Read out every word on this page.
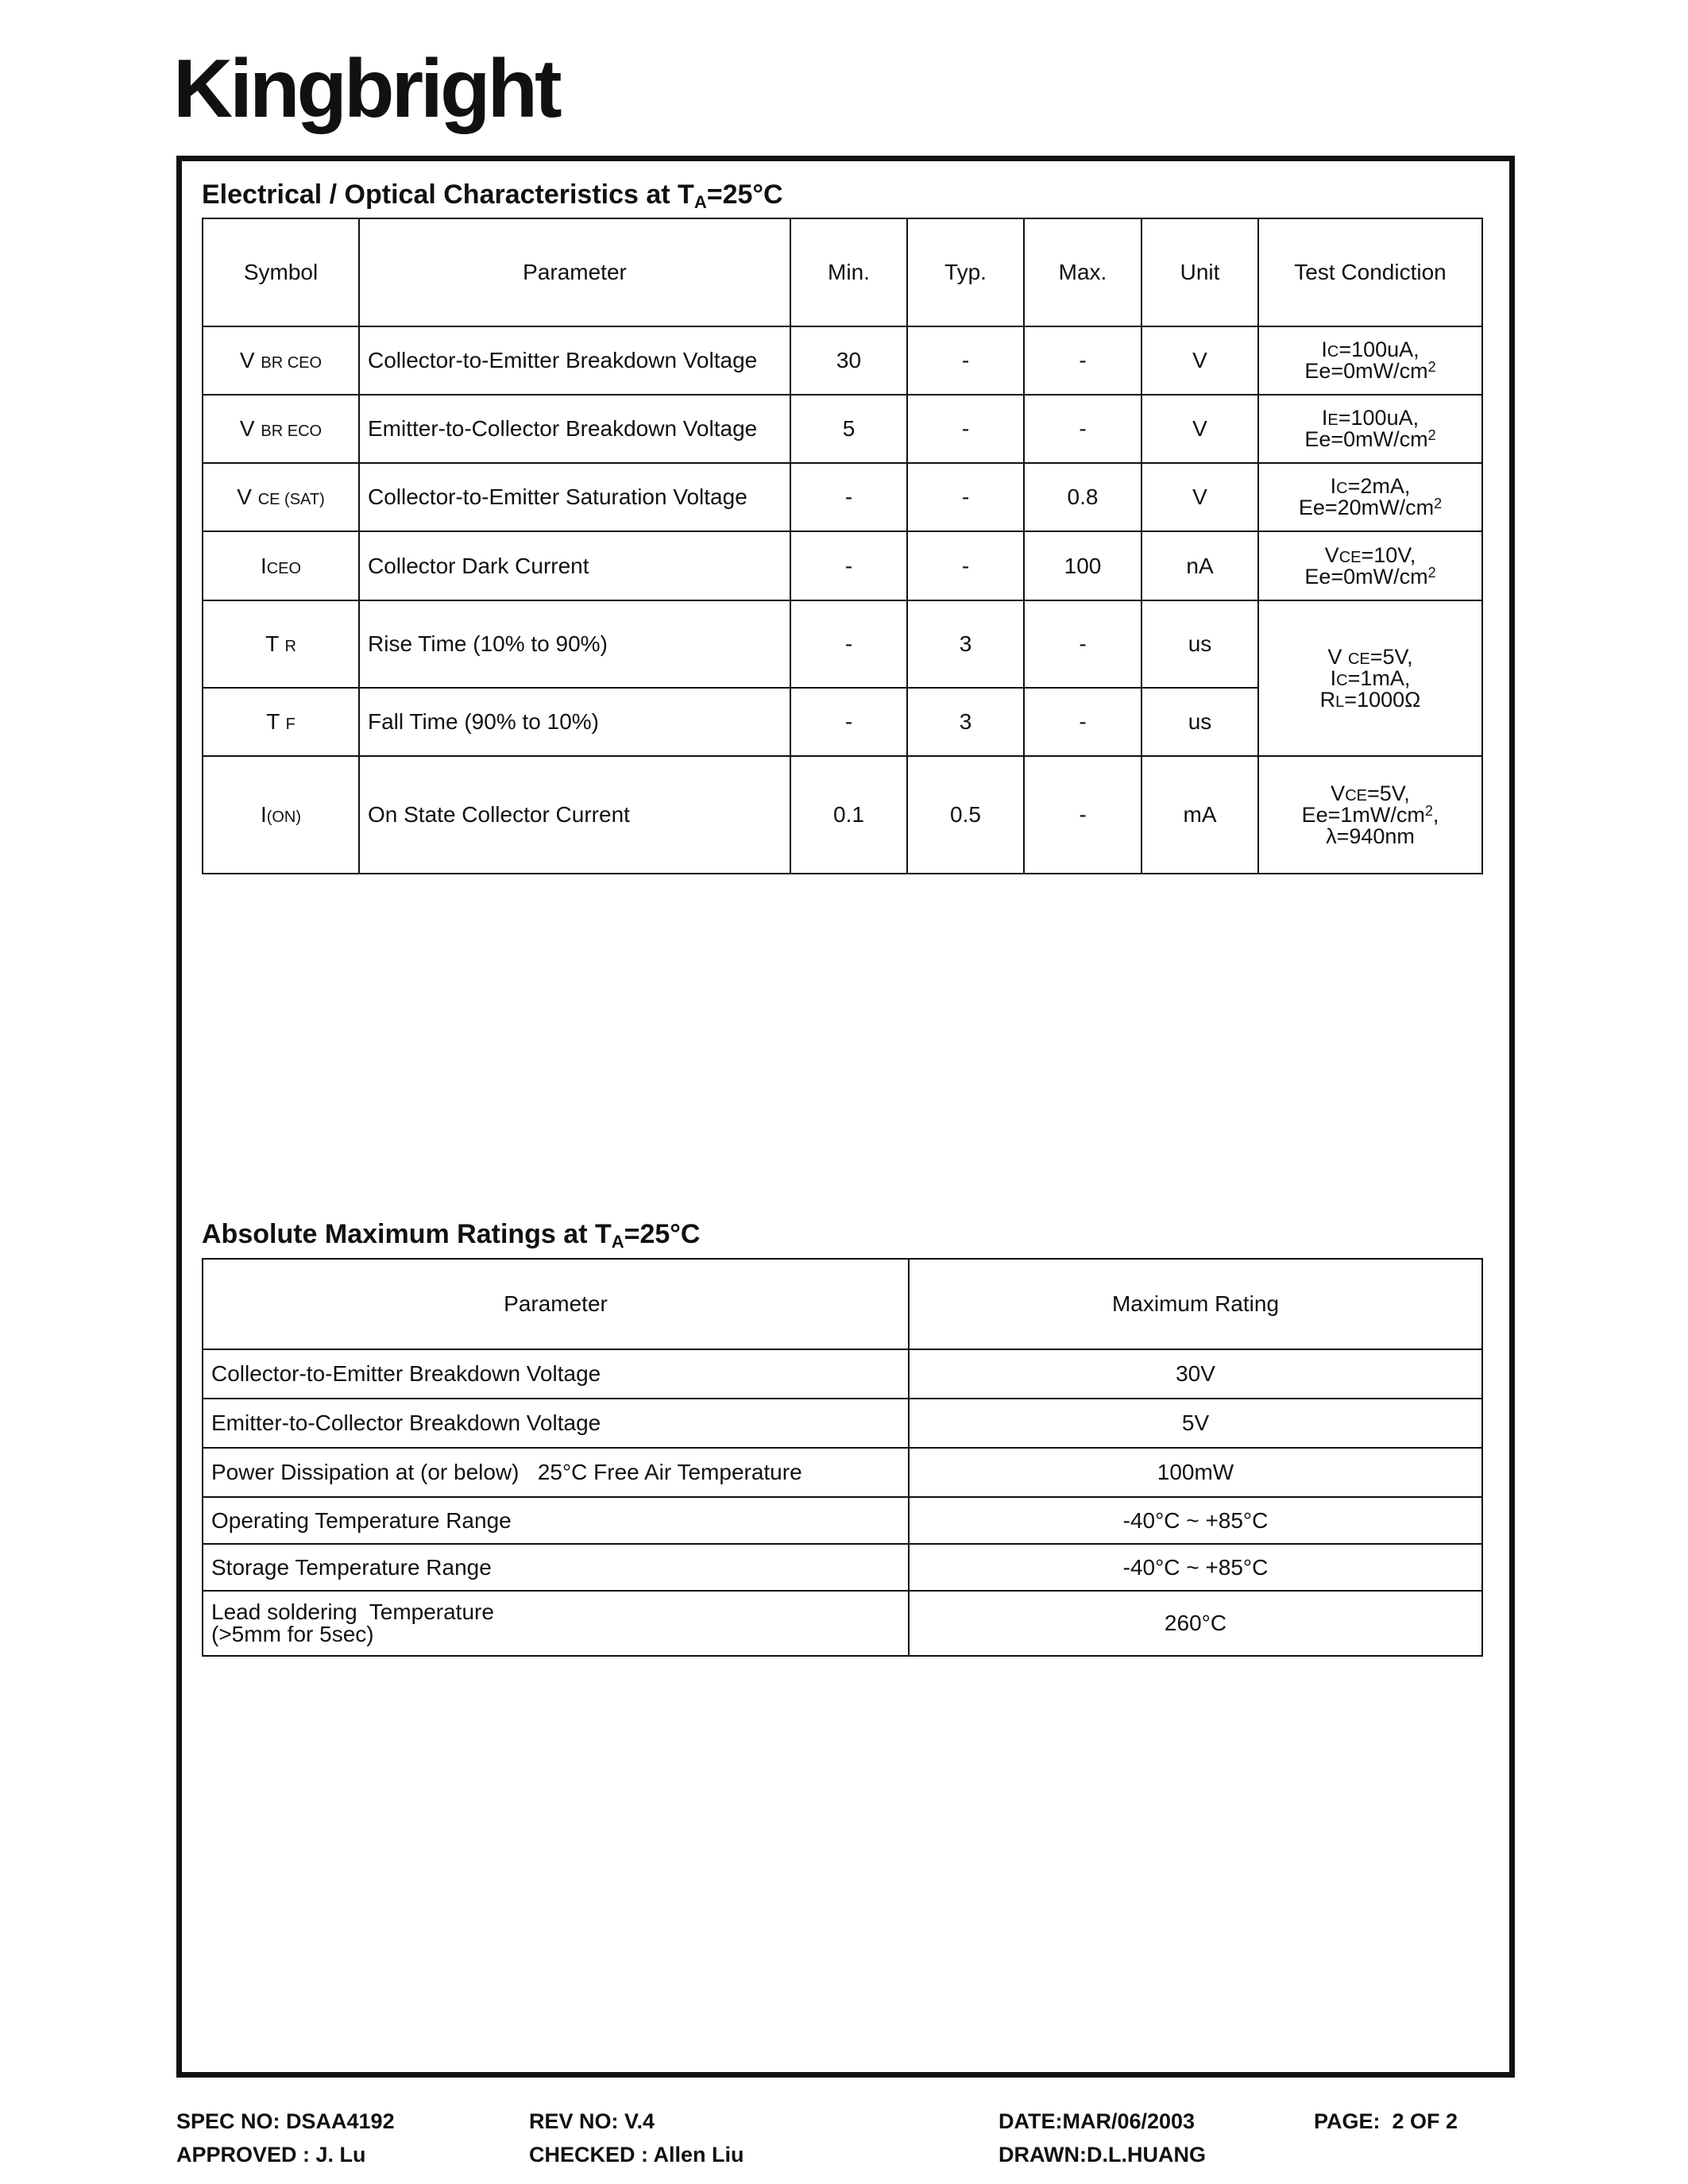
Kingbright
Electrical / Optical Characteristics at $T_A=25^\circ C$
Symbol	Parameter	Min.	Typ.	Max.	Unit	Test Condiction
V BR CEO	Collector-to-Emitter Breakdown Voltage	30	-	-	V	IC=100uA,
$Ee=0mW/cm^2$
V BR ECO	Emitter-to-Collector Breakdown Voltage	5	-	-	V	IE=100uA,
$Ee=0mW/cm^2$
V CE (SAT)	Collector-to-Emitter Saturation Voltage	-	-	0.8	V	IC=2mA,
$Ee=20mW/cm^2$
ICEO	Collector Dark Current	-	-	100	nA	VCE=10V,
$Ee=0mW/cm^2$
T R	Rise Time (10% to 90%)	-	3	-	us	V CE=5V,
IC=1mA,
RL=1000Ω
T F	Fall Time (90% to 10%)	-	3	-	us	
I(ON)	On State Collector Current	0.1	0.5	-	mA	VCE=5V,
$Ee=1mW/cm^2$,
λ=940nm
Absolute Maximum Ratings at $T_A=25^\circ C$
Parameter	Maximum Rating
Collector-to-Emitter Breakdown Voltage	30V
Emitter-to-Collector Breakdown Voltage	5V
Power Dissipation at (or below)   25°C Free Air Temperature	100mW
Operating Temperature Range	-40°C ~ +85°C
Storage Temperature Range	-40°C ~ +85°C
Lead soldering  Temperature
(>5mm for 5sec)	260°C
SPEC NO: DSAA4192	REV NO: V.4	DATE:MAR/06/2003	PAGE:  2 OF 2
APPROVED : J. Lu	CHECKED : Allen Liu	DRAWN:D.L.HUANG
